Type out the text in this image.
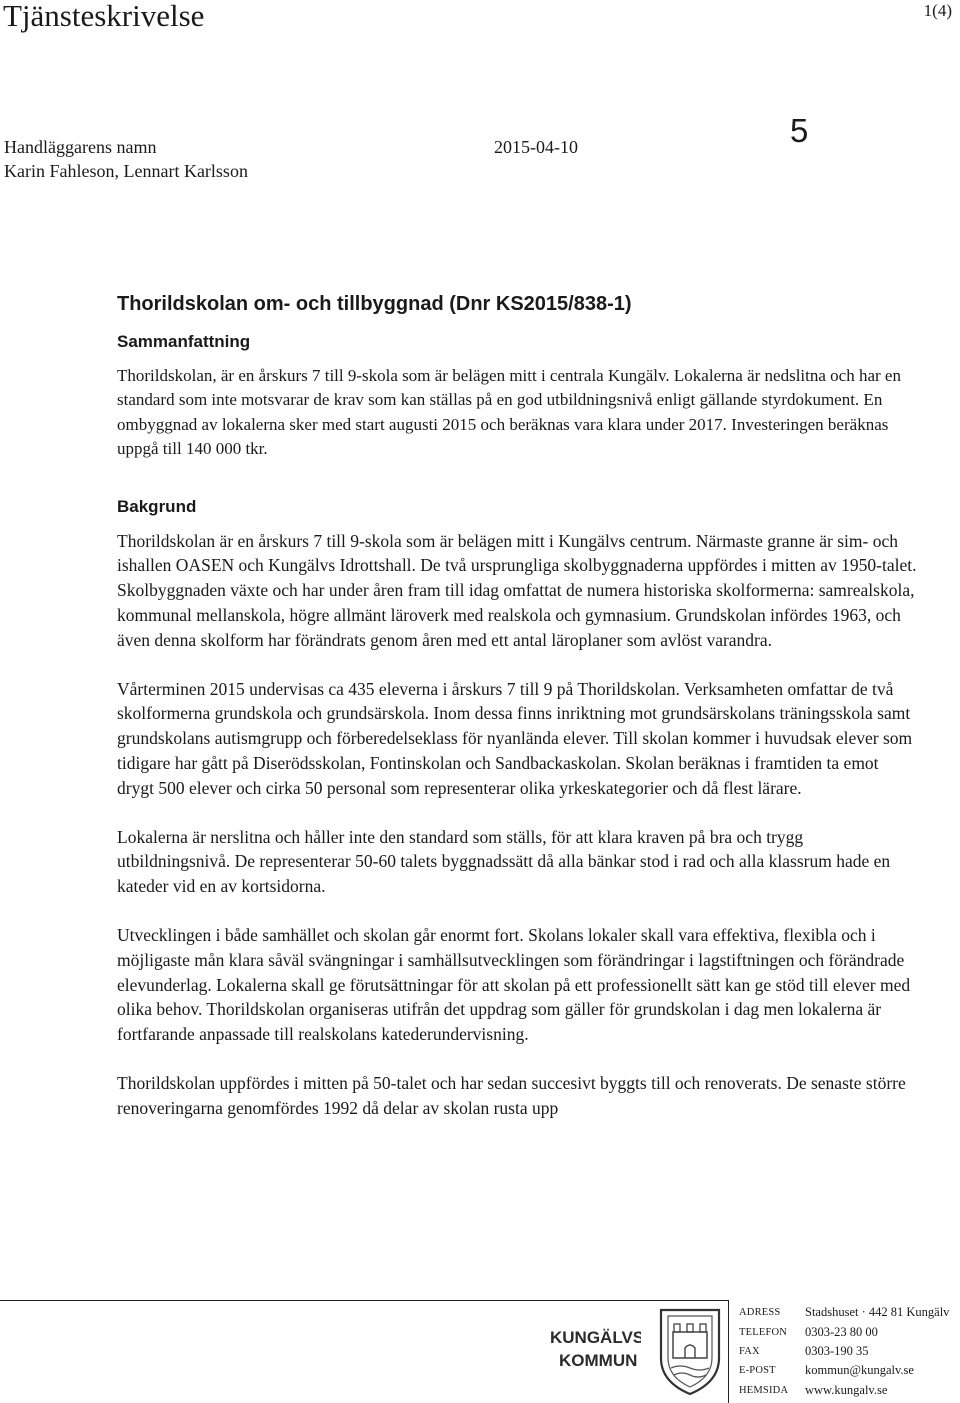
Tjänsteskrivelse	1(4)
5
Handläggarens namn
Karin Fahleson, Lennart Karlsson
2015-04-10
Thorildskolan om- och tillbyggnad (Dnr KS2015/838-1)
Sammanfattning

Thorildskolan, är en årskurs 7 till 9-skola som är belägen mitt i centrala Kungälv. Lokalerna är nedslitna och har en standard som inte motsvarar de krav som kan ställas på en god utbildningsnivå enligt gällande styrdokument. En ombyggnad av lokalerna sker med start augusti 2015 och beräknas vara klara under 2017. Investeringen beräknas uppgå till 140 000 tkr.

Bakgrund

Thorildskolan är en årskurs 7 till 9-skola som är belägen mitt i Kungälvs centrum. Närmaste granne är sim- och ishallen OASEN och Kungälvs Idrottshall. De två ursprungliga skolbyggnaderna uppfördes i mitten av 1950-talet. Skolbyggnaden växte och har under åren fram till idag omfattat de numera historiska skolformerna: samrealskola, kommunal mellanskola, högre allmänt läroverk med realskola och gymnasium. Grundskolan infördes 1963, och även denna skolform har förändrats genom åren med ett antal läroplaner som avlöst varandra.

Vårterminen 2015 undervisas ca 435 eleverna i årskurs 7 till 9 på Thorildskolan. Verksamheten omfattar de två skolformerna grundskola och grundsärskola. Inom dessa finns inriktning mot grundsärskolans träningsskola samt grundskolans autismgrupp och förberedelseklass för nyanlända elever. Till skolan kommer i huvudsak elever som tidigare har gått på Diserödsskolan, Fontinskolan och Sandbackaskolan. Skolan beräknas i framtiden ta emot drygt 500 elever och cirka 50 personal som representerar olika yrkeskategorier och då flest lärare.

Lokalerna är nerslitna och håller inte den standard som ställs, för att klara kraven på bra och trygg utbildningsnivå. De representerar 50-60 talets byggnadssätt då alla bänkar stod i rad och alla klassrum hade en kateder vid en av kortsidorna.

Utvecklingen i både samhället och skolan går enormt fort. Skolans lokaler skall vara effektiva, flexibla och i möjligaste mån klara såväl svängningar i samhällsutvecklingen som förändringar i lagstiftningen och förändrade elevunderlag. Lokalerna skall ge förutsättningar för att skolan på ett professionellt sätt kan ge stöd till elever med olika behov. Thorildskolan organiseras utifrån det uppdrag som gäller för grundskolan i dag men lokalerna är fortfarande anpassade till realskolans katederundervisning.

Thorildskolan uppfördes i mitten på 50-talet och har sedan succesivt byggts till och renoverats. De senaste större renoveringarna genomfördes 1992 då delar av skolan rusta upp

KUNGÄLVS
KOMMUN
ADRESS	Stadshuset · 442 81 Kungälv
TELEFON	0303-23 80 00
FAX	0303-190 35
E-POST	kommun@kungalv.se
HEMSIDA	www.kungalv.se
